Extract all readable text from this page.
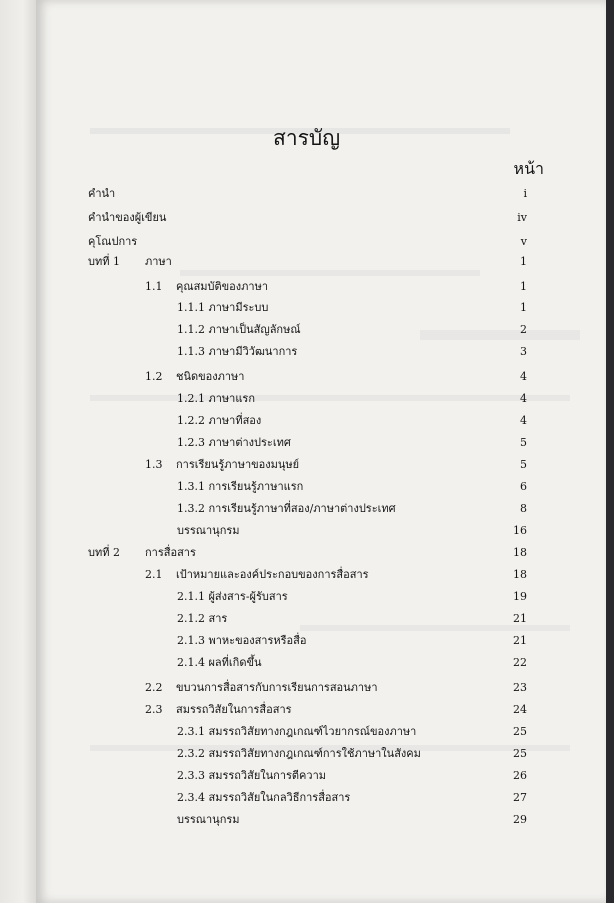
สารบัญ
หน้า
คำนำ	i
คำนำของผู้เขียน	iv
คุโณปการ	v
บทที่ 1 ภาษา	1
1.1 คุณสมบัติของภาษา	1
1.1.1 ภาษามีระบบ	1
1.1.2 ภาษาเป็นสัญลักษณ์	2
1.1.3 ภาษามีวิวัฒนาการ	3
1.2 ชนิดของภาษา	4
1.2.1 ภาษาแรก	4
1.2.2 ภาษาที่สอง	4
1.2.3 ภาษาต่างประเทศ	5
1.3 การเรียนรู้ภาษาของมนุษย์	5
1.3.1 การเรียนรู้ภาษาแรก	6
1.3.2 การเรียนรู้ภาษาที่สอง/ภาษาต่างประเทศ	8
บรรณานุกรม	16
บทที่ 2 การสื่อสาร	18
2.1 เป้าหมายและองค์ประกอบของการสื่อสาร	18
2.1.1 ผู้ส่งสาร-ผู้รับสาร	19
2.1.2 สาร	21
2.1.3 พาหะของสารหรือสื่อ	21
2.1.4 ผลที่เกิดขึ้น	22
2.2 ขบวนการสื่อสารกับการเรียนการสอนภาษา	23
2.3 สมรรถวิสัยในการสื่อสาร	24
2.3.1 สมรรถวิสัยทางกฎเกณฑ์ไวยากรณ์ของภาษา	25
2.3.2 สมรรถวิสัยทางกฎเกณฑ์การใช้ภาษาในสังคม	25
2.3.3 สมรรถวิสัยในการตีความ	26
2.3.4 สมรรถวิสัยในกลวิธีการสื่อสาร	27
บรรณานุกรม	29
